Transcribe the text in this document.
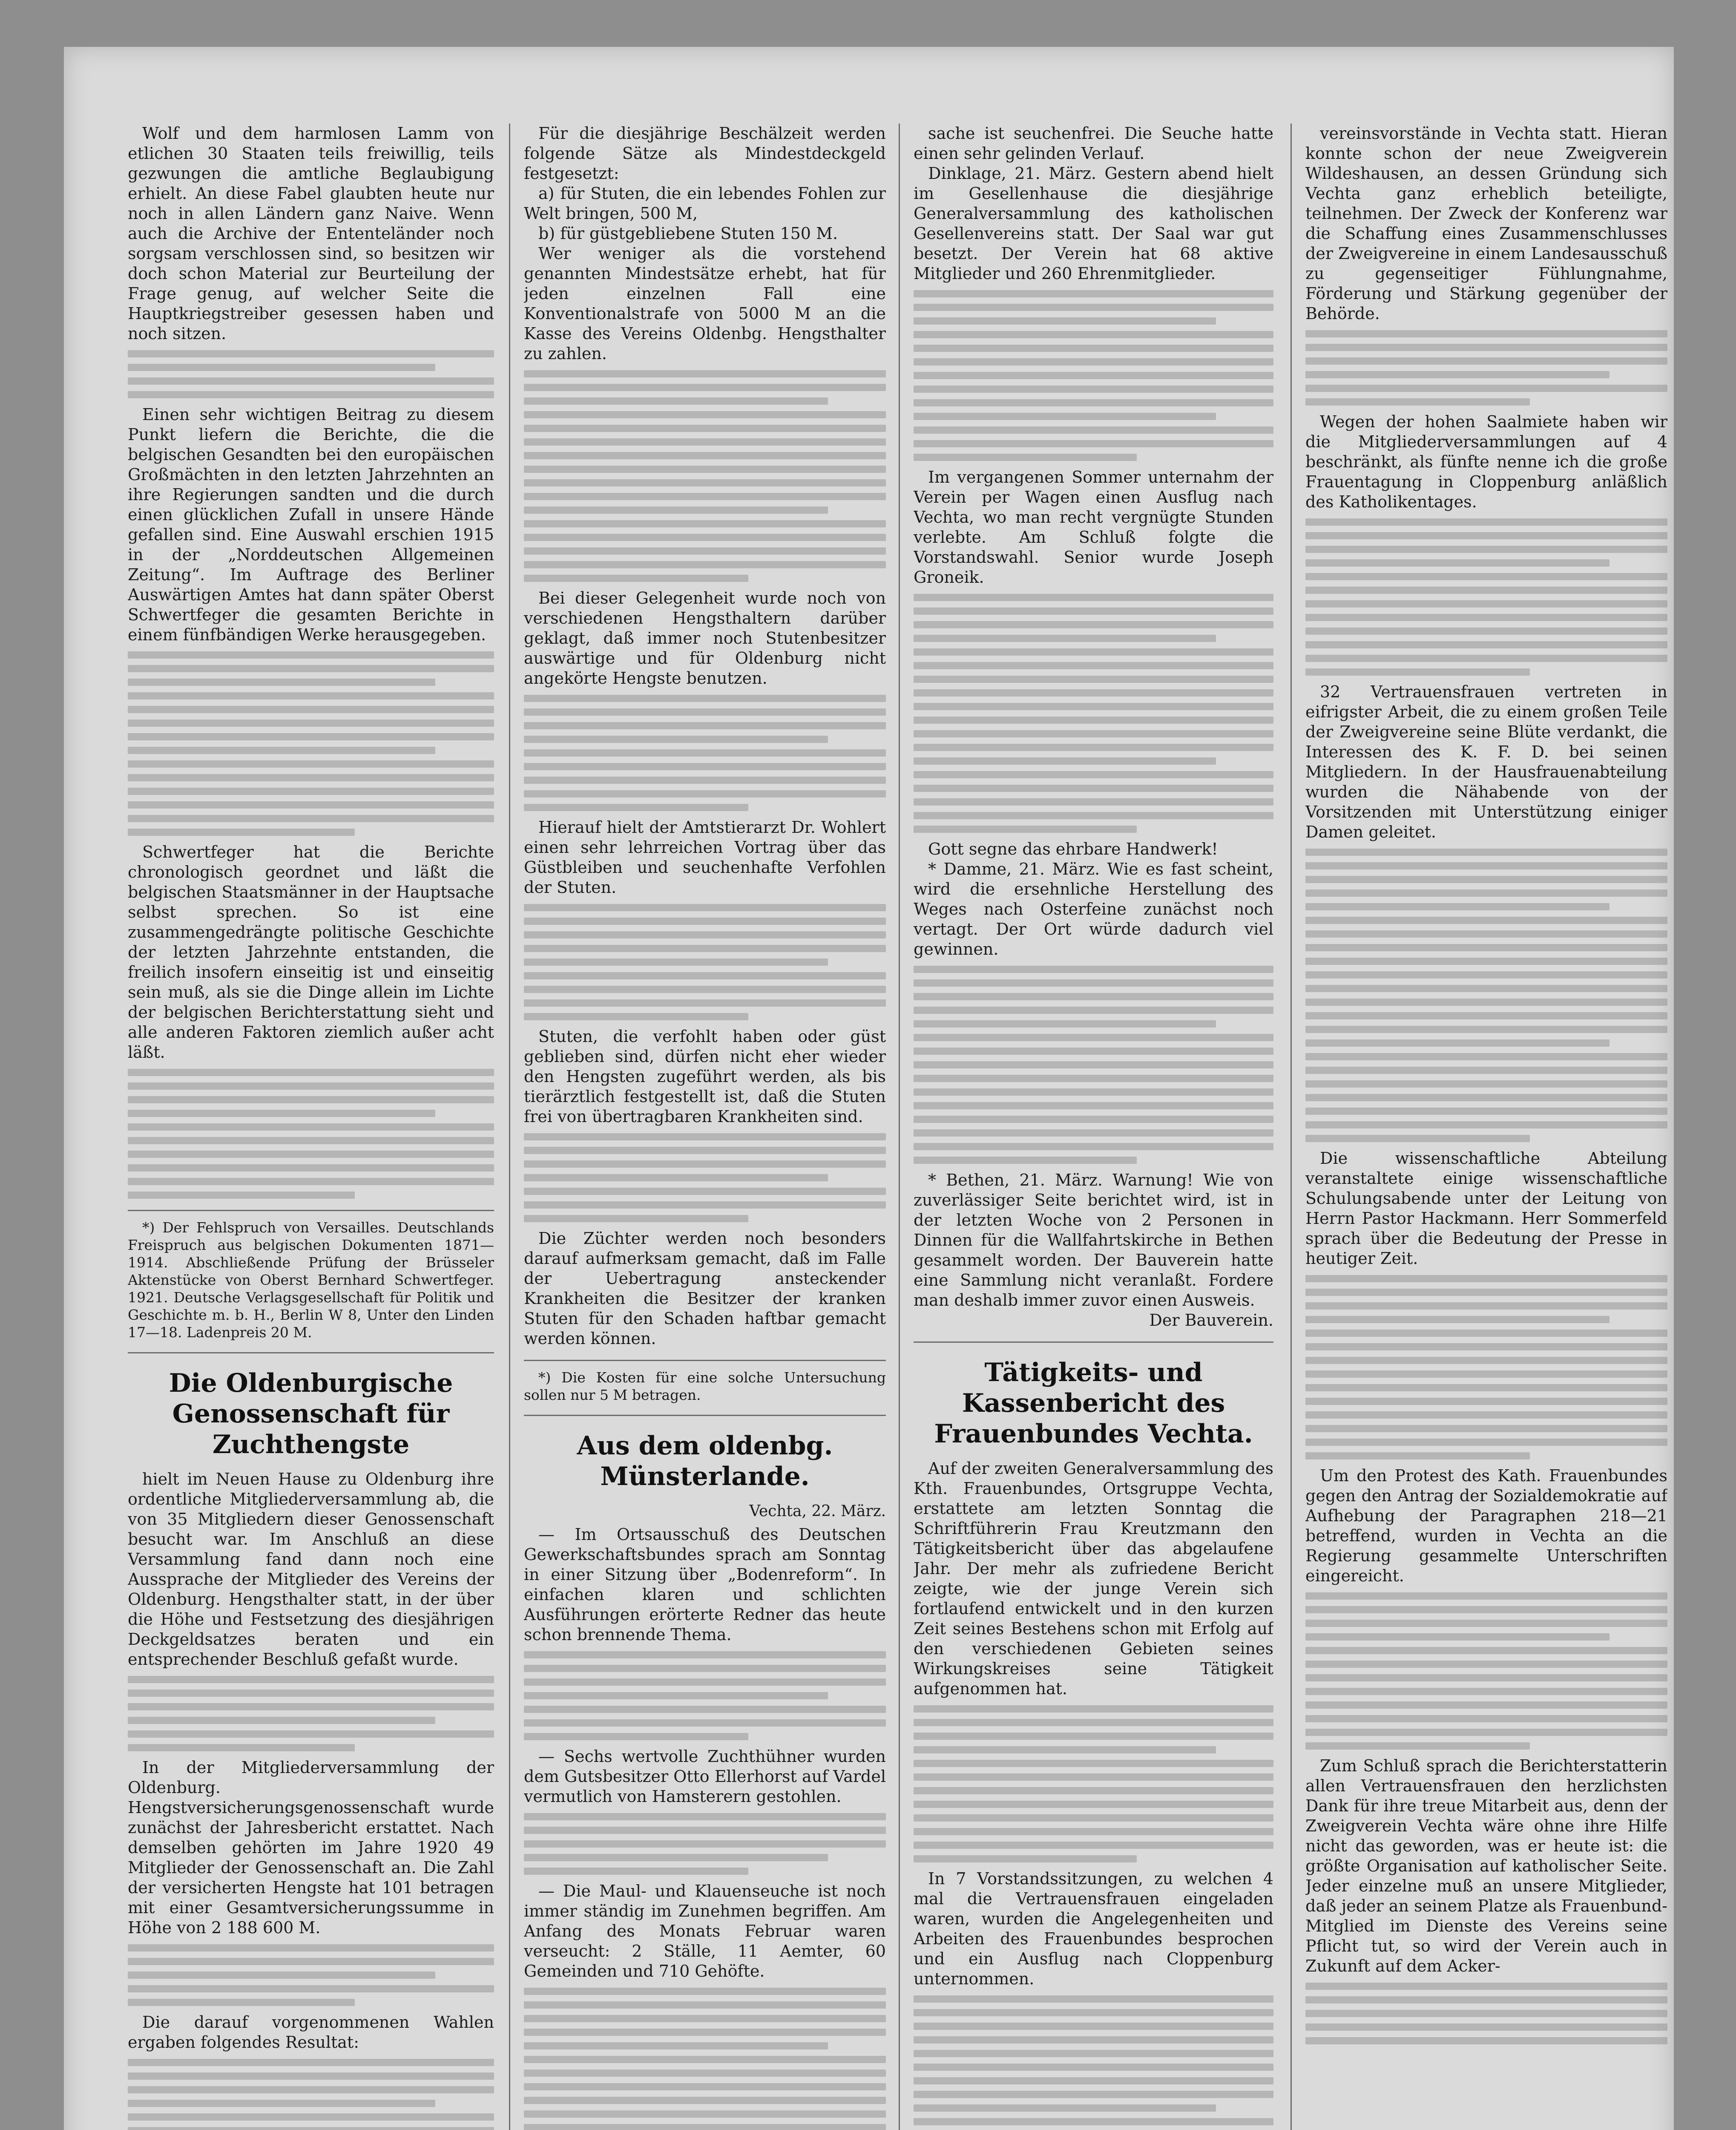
Wolf und dem harmlosen Lamm von etlichen 30 Staaten teils freiwillig, teils gezwungen die amtliche Beglaubigung erhielt. An diese Fabel glaubten heute nur noch in allen Ländern ganz Naive. Wenn auch die Archive der Ententeländer noch sorgsam verschlossen sind, so besitzen wir doch schon Material zur Beurteilung der Frage genug, auf welcher Seite die Hauptkriegstreiber gesessen haben und noch sitzen.

Einen sehr wichtigen Beitrag zu diesem Punkt liefern die Berichte, die die belgischen Gesandten bei den europäischen Großmächten in den letzten Jahrzehnten an ihre Regierungen sandten und die durch einen glücklichen Zufall in unsere Hände gefallen sind. Eine Auswahl erschien 1915 in der „Norddeutschen Allgemeinen Zeitung“. Im Auftrage des Berliner Auswärtigen Amtes hat dann später Oberst Schwertfeger die gesamten Berichte in einem fünfbändigen Werke herausgegeben.

Schwertfeger hat die Berichte chronologisch geordnet und läßt die belgischen Staatsmänner in der Hauptsache selbst sprechen. So ist eine zusammengedrängte politische Geschichte der letzten Jahrzehnte entstanden, die freilich insofern einseitig ist und einseitig sein muß, als sie die Dinge allein im Lichte der belgischen Berichterstattung sieht und alle anderen Faktoren ziemlich außer acht läßt.

*) Der Fehlspruch von Versailles. Deutschlands Freispruch aus belgischen Dokumenten 1871—1914. Abschließende Prüfung der Brüsseler Aktenstücke von Oberst Bernhard Schwertfeger. 1921. Deutsche Verlagsgesellschaft für Politik und Geschichte m. b. H., Berlin W 8, Unter den Linden 17—18. Ladenpreis 20 M.

Die Oldenburgische Genossenschaft für Zuchthengste

hielt im Neuen Hause zu Oldenburg ihre ordentliche Mitgliederversammlung ab, die von 35 Mitgliedern dieser Genossenschaft besucht war. Im Anschluß an diese Versammlung fand dann noch eine Aussprache der Mitglieder des Vereins der Oldenburg. Hengsthalter statt, in der über die Höhe und Festsetzung des diesjährigen Deckgeldsatzes beraten und ein entsprechender Beschluß gefaßt wurde.

In der Mitgliederversammlung der Oldenburg. Hengstversicherungsgenossenschaft wurde zunächst der Jahresbericht erstattet. Nach demselben gehörten im Jahre 1920 49 Mitglieder der Genossenschaft an. Die Zahl der versicherten Hengste hat 101 betragen mit einer Gesamtversicherungssumme in Höhe von 2 188 600 M.

Die darauf vorgenommenen Wahlen ergaben folgendes Resultat:

Für die diesjährige Beschälzeit werden folgende Sätze als Mindestdeckgeld festgesetzt:

a) für Stuten, die ein lebendes Fohlen zur Welt bringen, 500 M,

b) für güstgebliebene Stuten 150 M.

Wer weniger als die vorstehend genannten Mindestsätze erhebt, hat für jeden einzelnen Fall eine Konventionalstrafe von 5000 M an die Kasse des Vereins Oldenbg. Hengsthalter zu zahlen.

Bei dieser Gelegenheit wurde noch von verschiedenen Hengsthaltern darüber geklagt, daß immer noch Stutenbesitzer auswärtige und für Oldenburg nicht angekörte Hengste benutzen.

Hierauf hielt der Amtstierarzt Dr. Wohlert einen sehr lehrreichen Vortrag über das Güstbleiben und seuchenhafte Verfohlen der Stuten.

Stuten, die verfohlt haben oder güst geblieben sind, dürfen nicht eher wieder den Hengsten zugeführt werden, als bis tierärztlich festgestellt ist, daß die Stuten frei von übertragbaren Krankheiten sind.

Die Züchter werden noch besonders darauf aufmerksam gemacht, daß im Falle der Uebertragung ansteckender Krankheiten die Besitzer der kranken Stuten für den Schaden haftbar gemacht werden können.

*) Die Kosten für eine solche Untersuchung sollen nur 5 M betragen.

Aus dem oldenbg. Münsterlande.
Vechta, 22. März.

— Im Ortsausschuß des Deutschen Gewerkschaftsbundes sprach am Sonntag in einer Sitzung über „Bodenreform“. In einfachen klaren und schlichten Ausführungen erörterte Redner das heute schon brennende Thema.

— Sechs wertvolle Zuchthühner wurden dem Gutsbesitzer Otto Ellerhorst auf Vardel vermutlich von Hamsterern gestohlen.

— Die Maul- und Klauenseuche ist noch immer ständig im Zunehmen begriffen. Am Anfang des Monats Februar waren verseucht: 2 Ställe, 11 Aemter, 60 Gemeinden und 710 Gehöfte.

sache ist seuchenfrei. Die Seuche hatte einen sehr gelinden Verlauf.

Dinklage, 21. März. Gestern abend hielt im Gesellenhause die diesjährige Generalversammlung des katholischen Gesellenvereins statt. Der Saal war gut besetzt. Der Verein hat 68 aktive Mitglieder und 260 Ehrenmitglieder.

Im vergangenen Sommer unternahm der Verein per Wagen einen Ausflug nach Vechta, wo man recht vergnügte Stunden verlebte. Am Schluß folgte die Vorstandswahl. Senior wurde Joseph Groneik.

Gott segne das ehrbare Handwerk!

* Damme, 21. März. Wie es fast scheint, wird die ersehnliche Herstellung des Weges nach Osterfeine zunächst noch vertagt. Der Ort würde dadurch viel gewinnen.

* Bethen, 21. März. Warnung! Wie von zuverlässiger Seite berichtet wird, ist in der letzten Woche von 2 Personen in Dinnen für die Wallfahrtskirche in Bethen gesammelt worden. Der Bauverein hatte eine Sammlung nicht veranlaßt. Fordere man deshalb immer zuvor einen Ausweis.

Der Bauverein.
Tätigkeits- und Kassenbericht des Frauenbundes Vechta.

Auf der zweiten Generalversammlung des Kth. Frauenbundes, Ortsgruppe Vechta, erstattete am letzten Sonntag die Schriftführerin Frau Kreutzmann den Tätigkeitsbericht über das abgelaufene Jahr. Der mehr als zufriedene Bericht zeigte, wie der junge Verein sich fortlaufend entwickelt und in den kurzen Zeit seines Bestehens schon mit Erfolg auf den verschiedenen Gebieten seines Wirkungskreises seine Tätigkeit aufgenommen hat.

In 7 Vorstandssitzungen, zu welchen 4 mal die Vertrauensfrauen eingeladen waren, wurden die Angelegenheiten und Arbeiten des Frauenbundes besprochen und ein Ausflug nach Cloppenburg unternommen.

vereinsvorstände in Vechta statt. Hieran konnte schon der neue Zweigverein Wildeshausen, an dessen Gründung sich Vechta ganz erheblich beteiligte, teilnehmen. Der Zweck der Konferenz war die Schaffung eines Zusammenschlusses der Zweigvereine in einem Landesausschuß zu gegenseitiger Fühlungnahme, Förderung und Stärkung gegenüber der Behörde.

Wegen der hohen Saalmiete haben wir die Mitgliederversammlungen auf 4 beschränkt, als fünfte nenne ich die große Frauentagung in Cloppenburg anläßlich des Katholikentages.

32 Vertrauensfrauen vertreten in eifrigster Arbeit, die zu einem großen Teile der Zweigvereine seine Blüte verdankt, die Interessen des K. F. D. bei seinen Mitgliedern. In der Hausfrauenabteilung wurden die Nähabende von der Vorsitzenden mit Unterstützung einiger Damen geleitet.

Die wissenschaftliche Abteilung veranstaltete einige wissenschaftliche Schulungsabende unter der Leitung von Herrn Pastor Hackmann. Herr Sommerfeld sprach über die Bedeutung der Presse in heutiger Zeit.

Um den Protest des Kath. Frauenbundes gegen den Antrag der Sozialdemokratie auf Aufhebung der Paragraphen 218—21 betreffend, wurden in Vechta an die Regierung gesammelte Unterschriften eingereicht.

Zum Schluß sprach die Berichterstatterin allen Vertrauensfrauen den herzlichsten Dank für ihre treue Mitarbeit aus, denn der Zweigverein Vechta wäre ohne ihre Hilfe nicht das geworden, was er heute ist: die größte Organisation auf katholischer Seite. Jeder einzelne muß an unsere Mitglieder, daß jeder an seinem Platze als Frauenbund-Mitglied im Dienste des Vereins seine Pflicht tut, so wird der Verein auch in Zukunft auf dem Acker-
